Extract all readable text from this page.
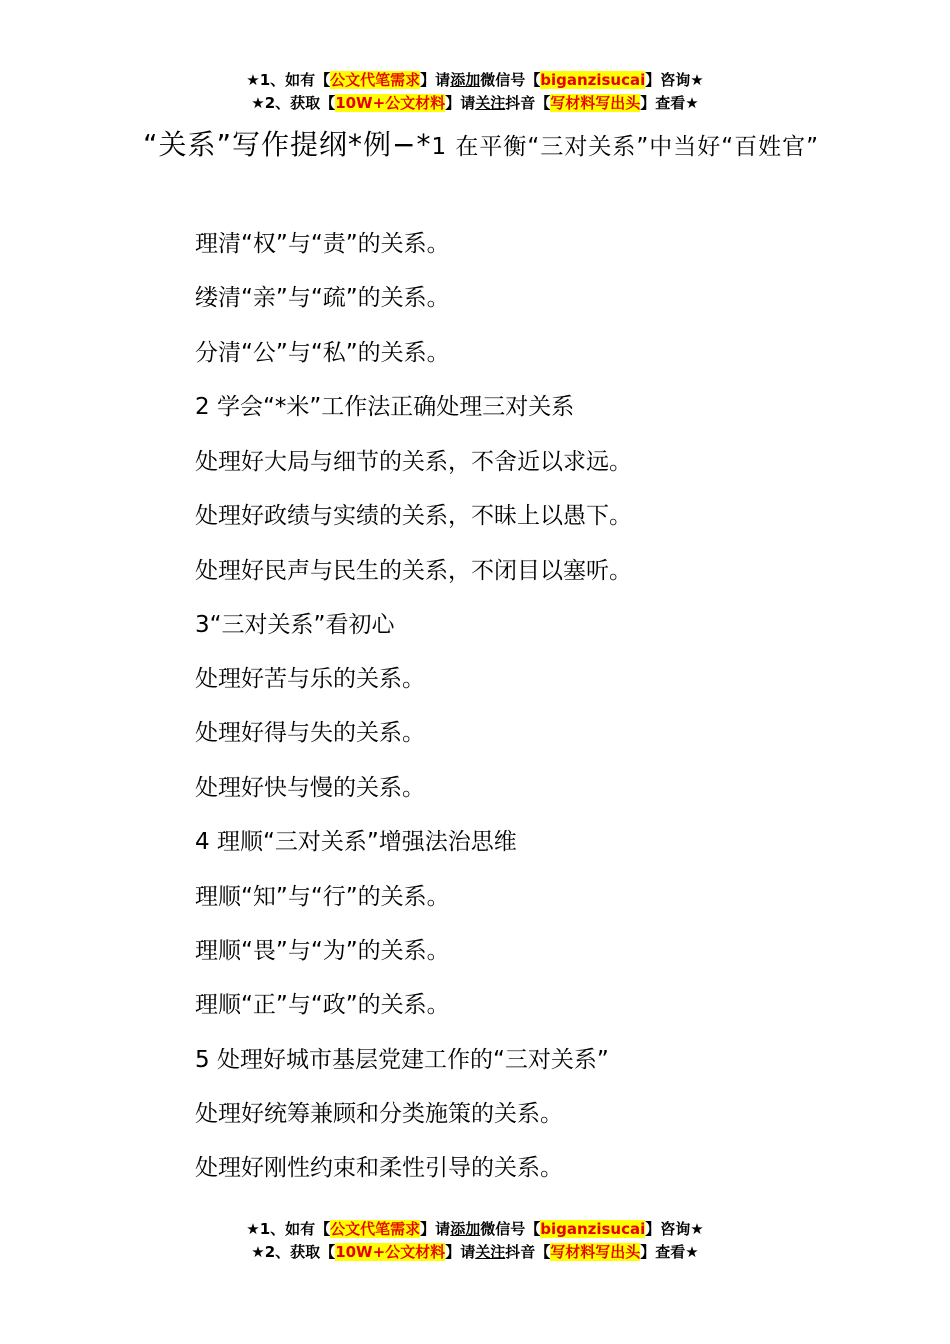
★1、如有【公文代笔需求】请添加微信号【biganzisucai】咨询★
★2、获取【10W+公文材料】请关注抖音【写材料写出头】查看★
“关系”写作提纲*例−*1 在平衡“三对关系”中当好“百姓官”
理清“权”与“责”的关系。
缕清“亲”与“疏”的关系。
分清“公”与“私”的关系。
2 学会“*米”工作法正确处理三对关系
处理好大局与细节的关系，不舍近以求远。
处理好政绩与实绩的关系，不昧上以愚下。
处理好民声与民生的关系，不闭目以塞听。
3“三对关系”看初心
处理好苦与乐的关系。
处理好得与失的关系。
处理好快与慢的关系。
4 理顺“三对关系”增强法治思维
理顺“知”与“行”的关系。
理顺“畏”与“为”的关系。
理顺“正”与“政”的关系。
5 处理好城市基层党建工作的“三对关系”
处理好统筹兼顾和分类施策的关系。
处理好刚性约束和柔性引导的关系。
★1、如有【公文代笔需求】请添加微信号【biganzisucai】咨询★
★2、获取【10W+公文材料】请关注抖音【写材料写出头】查看★
